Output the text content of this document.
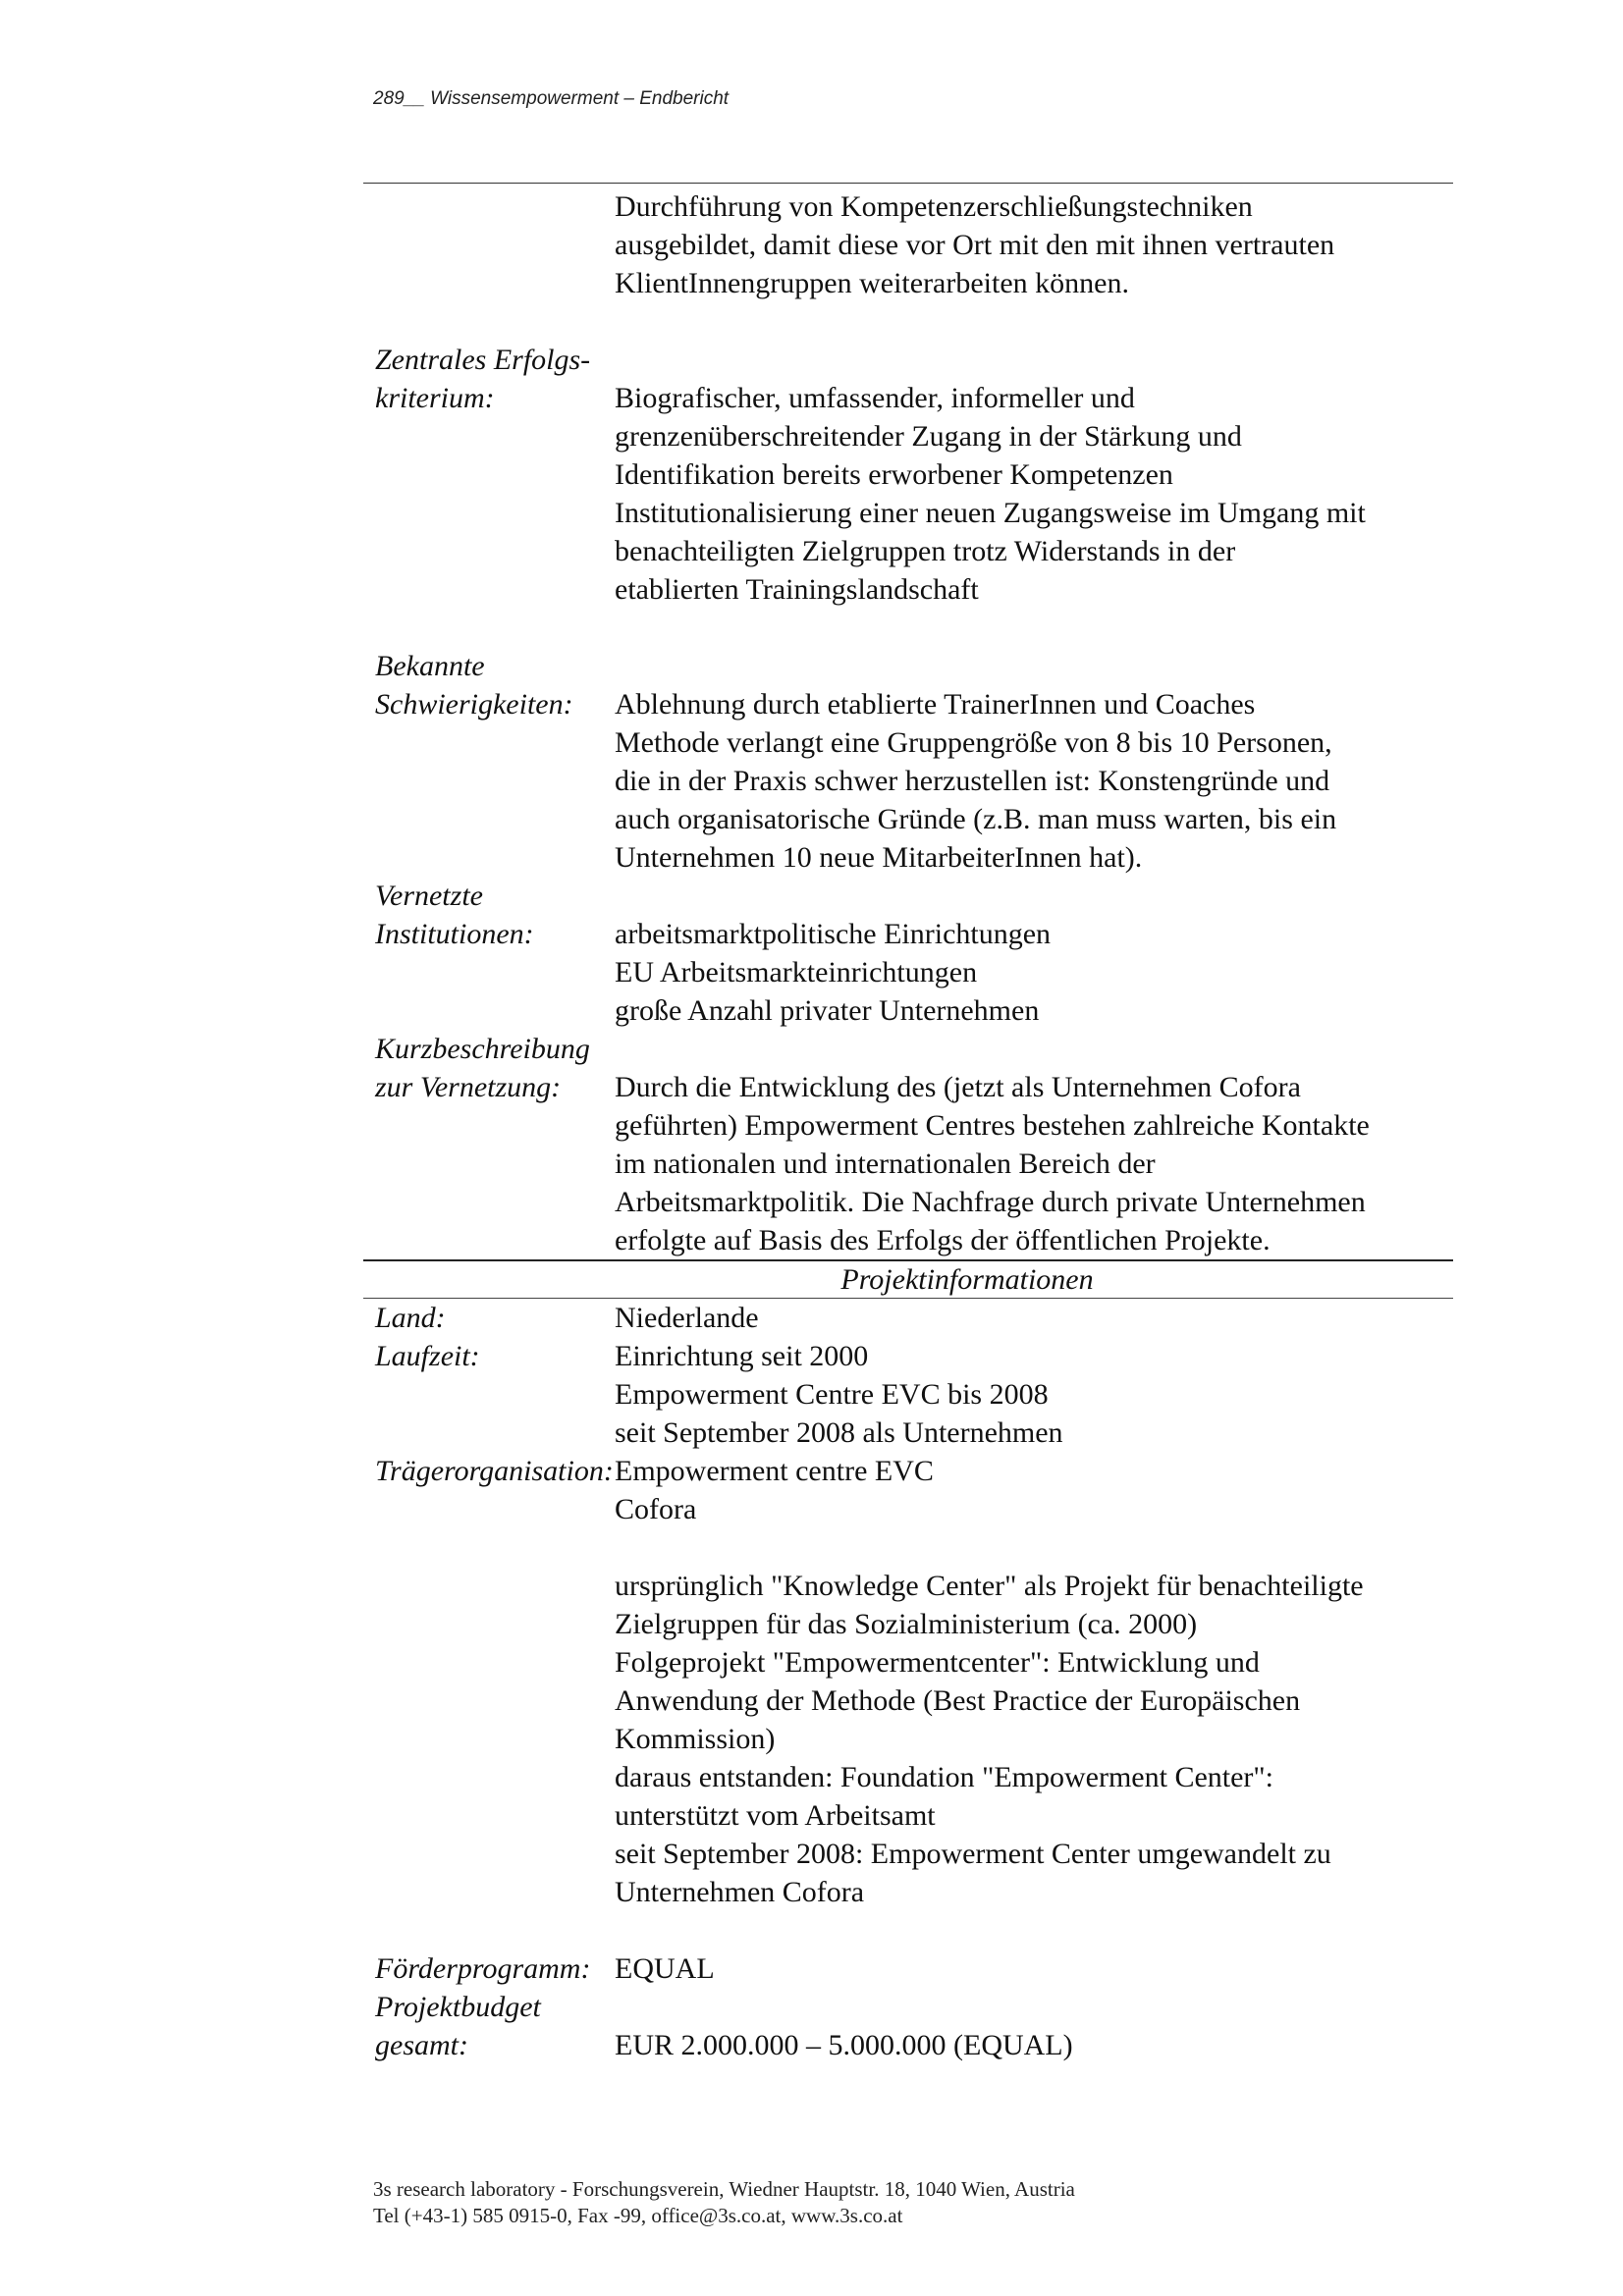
289__ Wissensempowerment – Endbericht
Durchführung von Kompetenzerschließungstechniken
ausgebildet, damit diese vor Ort mit den mit ihnen vertrauten
KlientInnengruppen weiterarbeiten können.
Zentrales Erfolgs-
kriterium:
	Biografischer, umfassender, informeller und
grenzenüberschreitender Zugang in der Stärkung und
Identifikation bereits erworbener Kompetenzen
Institutionalisierung einer neuen Zugangsweise im Umgang mit
benachteiligten Zielgruppen trotz Widerstands in der
etablierten Trainingslandschaft
Bekannte
Schwierigkeiten:
	Ablehnung durch etablierte TrainerInnen und Coaches
Methode verlangt eine Gruppengröße von 8 bis 10 Personen,
die in der Praxis schwer herzustellen ist: Konstengründe und
auch organisatorische Gründe (z.B. man muss warten, bis ein
Unternehmen 10 neue MitarbeiterInnen hat).
Vernetzte
Institutionen:
	arbeitsmarktpolitische Einrichtungen
EU Arbeitsmarkteinrichtungen
große Anzahl privater Unternehmen
Kurzbeschreibung
zur Vernetzung:
	Durch die Entwicklung des (jetzt als Unternehmen Cofora
geführten) Empowerment Centres bestehen zahlreiche Kontakte
im nationalen und internationalen Bereich der
Arbeitsmarktpolitik. Die Nachfrage durch private Unternehmen
erfolgte auf Basis des Erfolgs der öffentlichen Projekte.
Projektinformationen
Land:	Niederlande
Laufzeit:	Einrichtung seit 2000
Empowerment Centre EVC bis 2008
seit September 2008 als Unternehmen
Trägerorganisation: Empowerment centre EVC
Cofora

ursprünglich "Knowledge Center" als Projekt für benachteiligte
Zielgruppen für das Sozialministerium (ca. 2000)
Folgeprojekt "Empowermentcenter": Entwicklung und
Anwendung der Methode (Best Practice der Europäischen
Kommission)
daraus entstanden: Foundation "Empowerment Center":
unterstützt vom Arbeitsamt
seit September 2008: Empowerment Center umgewandelt zu
Unternehmen Cofora
Förderprogramm: EQUAL
Projektbudget
gesamt:
	EUR 2.000.000 – 5.000.000 (EQUAL)
3s research laboratory - Forschungsverein, Wiedner Hauptstr. 18, 1040 Wien, Austria
Tel (+43-1) 585 0915-0, Fax -99, office@3s.co.at, www.3s.co.at
